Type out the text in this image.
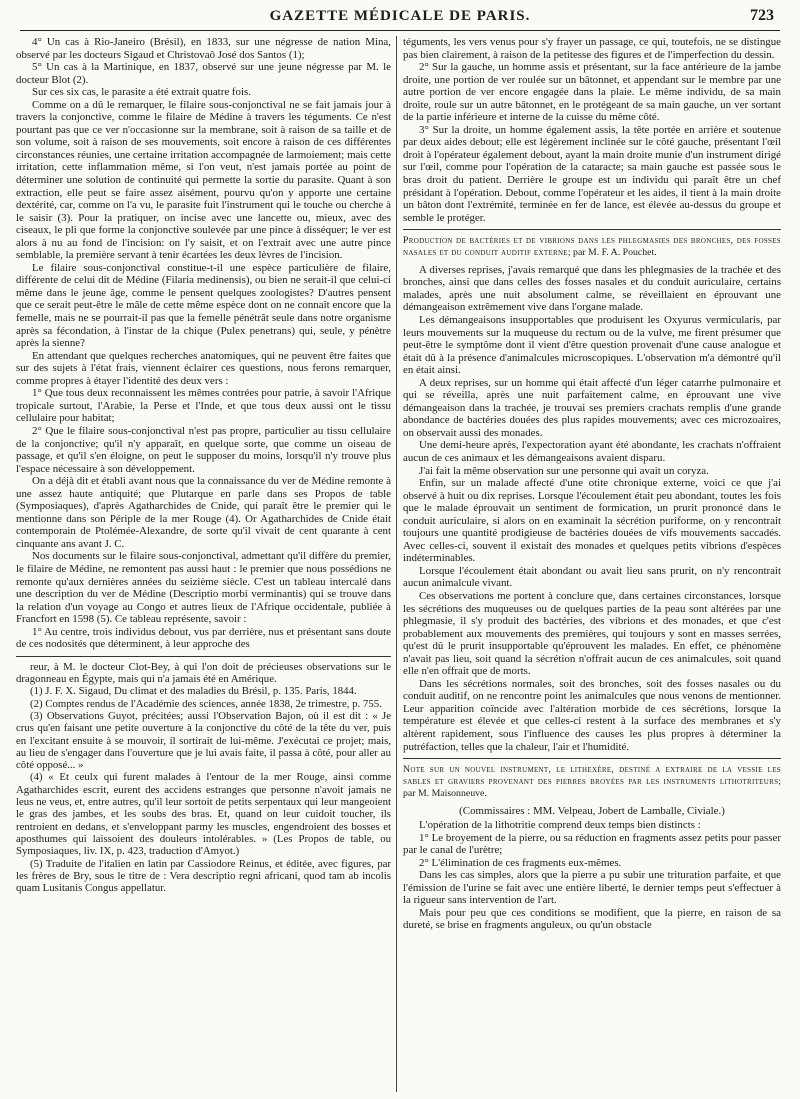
GAZETTE MÉDICALE DE PARIS.	723

4° Un cas à Rio-Janeiro (Brésil), en 1833, sur une négresse de nation Mina, observé par les docteurs Sigaud et Christovaô José dos Santos (1);

5° Un cas à la Martinique, en 1837, observé sur une jeune négresse par M. le docteur Blot (2).

Sur ces six cas, le parasite a été extrait quatre fois.

Comme on a dû le remarquer, le filaire sous-conjonctival ne se fait jamais jour à travers la conjonctive, comme le filaire de Médine à travers les téguments. Ce n'est pourtant pas que ce ver n'occasionne sur la membrane, soit à raison de sa taille et de son volume, soit à raison de ses mouvements, soit encore à raison de ces différentes circonstances réunies, une certaine irritation accompagnée de larmoiement; mais cette irritation, cette inflammation même, si l'on veut, n'est jamais portée au point de déterminer une solution de continuité qui permette la sortie du parasite. Quant à son extraction, elle peut se faire assez aisément, pourvu qu'on y apporte une certaine dextérité, car, comme on l'a vu, le parasite fuit l'instrument qui le touche ou cherche à le saisir (3). Pour la pratiquer, on incise avec une lancette ou, mieux, avec des ciseaux, le pli que forme la conjonctive soulevée par une pince à disséquer; le ver est alors à nu au fond de l'incision: on l'y saisit, et on l'extrait avec une autre pince semblable, la première servant à tenir écartées les deux lèvres de l'incision.

Le filaire sous-conjonctival constitue-t-il une espèce particulière de filaire, différente de celui dit de Médine (Filaria medinensis), ou bien ne serait-il que celui-ci même dans le jeune âge, comme le pensent quelques zoologistes? D'autres pensent que ce serait peut-être le mâle de cette même espèce dont on ne connaît encore que la femelle, mais ne se pourrait-il pas que la femelle pénétrât seule dans notre organisme après sa fécondation, à l'instar de la chique (Pulex penetrans) qui, seule, y pénètre après la sienne?

En attendant que quelques recherches anatomiques, qui ne peuvent être faites que sur des sujets à l'état frais, viennent éclairer ces questions, nous ferons remarquer, comme propres à étayer l'identité des deux vers :

1° Que tous deux reconnaissent les mêmes contrées pour patrie, à savoir l'Afrique tropicale surtout, l'Arabie, la Perse et l'Inde, et que tous deux aussi ont le tissu cellulaire pour habitat;

2° Que le filaire sous-conjonctival n'est pas propre, particulier au tissu cellulaire de la conjonctive; qu'il n'y apparaît, en quelque sorte, que comme un oiseau de passage, et qu'il s'en éloigne, on peut le supposer du moins, lorsqu'il n'y trouve plus l'espace nécessaire à son développement.

On a déjà dit et établi avant nous que la connaissance du ver de Médine remonte à une assez haute antiquité; que Plutarque en parle dans ses Propos de table (Symposiaques), d'après Agatharchides de Cnide, qui paraît être le premier qui le mentionne dans son Périple de la mer Rouge (4). Or Agatharchides de Cnide était contemporain de Ptolémée-Alexandre, de sorte qu'il vivait de cent quarante à cent cinquante ans avant J. C.

Nos documents sur le filaire sous-conjonctival, admettant qu'il diffère du premier, le filaire de Médine, ne remontent pas aussi haut : le premier que nous possédions ne remonte qu'aux dernières années du seizième siècle. C'est un tableau intercalé dans une description du ver de Médine (Descriptio morbi verminantis) qui se trouve dans la relation d'un voyage au Congo et autres lieux de l'Afrique occidentale, publiée à Francfort en 1598 (5). Ce tableau représente, savoir :

1° Au centre, trois individus debout, vus par derrière, nus et présentant sans doute de ces nodosités que déterminent, à leur approche des

reur, à M. le docteur Clot-Bey, à qui l'on doit de précieuses observations sur le dragonneau en Égypte, mais qui n'a jamais été en Amérique.

(1) J. F. X. Sigaud, Du climat et des maladies du Brésil, p. 135. Paris, 1844.

(2) Comptes rendus de l'Académie des sciences, année 1838, 2e trimestre, p. 755.

(3) Observations Guyot, précitées; aussi l'Observation Bajon, où il est dit : « Je crus qu'en faisant une petite ouverture à la conjonctive du côté de la tête du ver, puis en l'excitant ensuite à se mouvoir, il sortirait de lui-même. J'exécutai ce projet; mais, au lieu de s'engager dans l'ouverture que je lui avais faite, il passa à côté, pour aller au côté opposé... »

(4) « Et ceulx qui furent malades à l'entour de la mer Rouge, ainsi comme Agatharchides escrit, eurent des accidens estranges que personne n'avoit jamais ne leus ne veus, et, entre autres, qu'il leur sortoit de petits serpentaux qui leur mangeoient le gras des jambes, et les soubs des bras. Et, quand on leur cuidoit toucher, ils rentroient en dedans, et s'enveloppant parmy les muscles, engendroient des bosses et aposthumes qui laissoient des douleurs intolérables. » (Les Propos de table, ou Symposiaques, liv. IX, p. 423, traduction d'Amyot.)

(5) Traduite de l'italien en latin par Cassiodore Reinus, et éditée, avec figures, par les frères de Bry, sous le titre de : Vera descriptio regni africani, quod tam ab incolis quam Lusitanis Congus appellatur.

téguments, les vers venus pour s'y frayer un passage, ce qui, toutefois, ne se distingue pas bien clairement, à raison de la petitesse des figures et de l'imperfection du dessin.

2° Sur la gauche, un homme assis et présentant, sur la face antérieure de la jambe droite, une portion de ver roulée sur un bâtonnet, et appendant sur le membre par une autre portion de ver encore engagée dans la plaie. Le même individu, de sa main droite, roule sur un autre bâtonnet, en le protégeant de sa main gauche, un ver sortant de la partie inférieure et interne de la cuisse du même côté.

3° Sur la droite, un homme également assis, la tête portée en arrière et soutenue par deux aides debout; elle est légèrement inclinée sur le côté gauche, présentant l'œil droit à l'opérateur également debout, ayant la main droite munie d'un instrument dirigé sur l'œil, comme pour l'opération de la cataracte; sa main gauche est passée sous le bras droit du patient. Derrière le groupe est un individu qui paraît être un chef présidant à l'opération. Debout, comme l'opérateur et les aides, il tient à la main droite un bâton dont l'extrémité, terminée en fer de lance, est élevée au-dessus du groupe et semble le protéger.

Production de bactéries et de vibrions dans les phlegmasies des bronches, des fosses nasales et du conduit auditif externe; par M. F. A. Pouchet.

A diverses reprises, j'avais remarqué que dans les phlegmasies de la trachée et des bronches, ainsi que dans celles des fosses nasales et du conduit auriculaire, certains malades, après une nuit absolument calme, se réveillaient en éprouvant une démangeaison extrêmement vive dans l'organe malade.

Les démangeaisons insupportables que produisent les Oxyurus vermicularis, par leurs mouvements sur la muqueuse du rectum ou de la vulve, me firent présumer que peut-être le symptôme dont il vient d'être question provenait d'une cause analogue et était dû à la présence d'animalcules microscopiques. L'observation m'a démontré qu'il en était ainsi.

A deux reprises, sur un homme qui était affecté d'un léger catarrhe pulmonaire et qui se réveilla, après une nuit parfaitement calme, en éprouvant une vive démangeaison dans la trachée, je trouvai ses premiers crachats remplis d'une grande abondance de bactéries douées des plus rapides mouvements; avec ces microzoaires, on observait aussi des monades.

Une demi-heure après, l'expectoration ayant été abondante, les crachats n'offraient aucun de ces animaux et les démangeaisons avaient disparu.

J'ai fait la même observation sur une personne qui avait un coryza.

Enfin, sur un malade affecté d'une otite chronique externe, voici ce que j'ai observé à huit ou dix reprises. Lorsque l'écoulement était peu abondant, toutes les fois que le malade éprouvait un sentiment de formication, un prurit prononcé dans le conduit auriculaire, si alors on en examinait la sécrétion puriforme, on y rencontrait toujours une quantité prodigieuse de bactéries douées de vifs mouvements saccadés. Avec celles-ci, souvent il existait des monades et quelques petits vibrions d'espèces indéterminables.

Lorsque l'écoulement était abondant ou avait lieu sans prurit, on n'y rencontrait aucun animalcule vivant.

Ces observations me portent à conclure que, dans certaines circonstances, lorsque les sécrétions des muqueuses ou de quelques parties de la peau sont altérées par une phlegmasie, il s'y produit des bactéries, des vibrions et des monades, et que c'est probablement aux mouvements des premières, qui toujours y sont en masses serrées, qu'est dû le prurit insupportable qu'éprouvent les malades. En effet, ce phénomène n'avait pas lieu, soit quand la sécrétion n'offrait aucun de ces animalcules, soit quand elle n'en offrait que de morts.

Dans les sécrétions normales, soit des bronches, soit des fosses nasales ou du conduit auditif, on ne rencontre point les animalcules que nous venons de mentionner. Leur apparition coïncide avec l'altération morbide de ces sécrétions, lorsque la température est élevée et que celles-ci restent à la surface des membranes et s'y altèrent rapidement, sous l'influence des causes les plus propres à déterminer la putréfaction, telles que la chaleur, l'air et l'humidité.

Note sur un nouvel instrument, le lithexère, destiné a extraire de la vessie les sables et graviers provenant des pierres broyées par les instruments lithotriteurs; par M. Maisonneuve.

(Commissaires : MM. Velpeau, Jobert de Lamballe, Civiale.)

L'opération de la lithotritie comprend deux temps bien distincts :

1° Le broyement de la pierre, ou sa réduction en fragments assez petits pour passer par le canal de l'urètre;

2° L'élimination de ces fragments eux-mêmes.

Dans les cas simples, alors que la pierre a pu subir une trituration parfaite, et que l'émission de l'urine se fait avec une entière liberté, le dernier temps peut s'effectuer à la rigueur sans intervention de l'art.

Mais pour peu que ces conditions se modifient, que la pierre, en raison de sa dureté, se brise en fragments anguleux, ou qu'un obstacle
